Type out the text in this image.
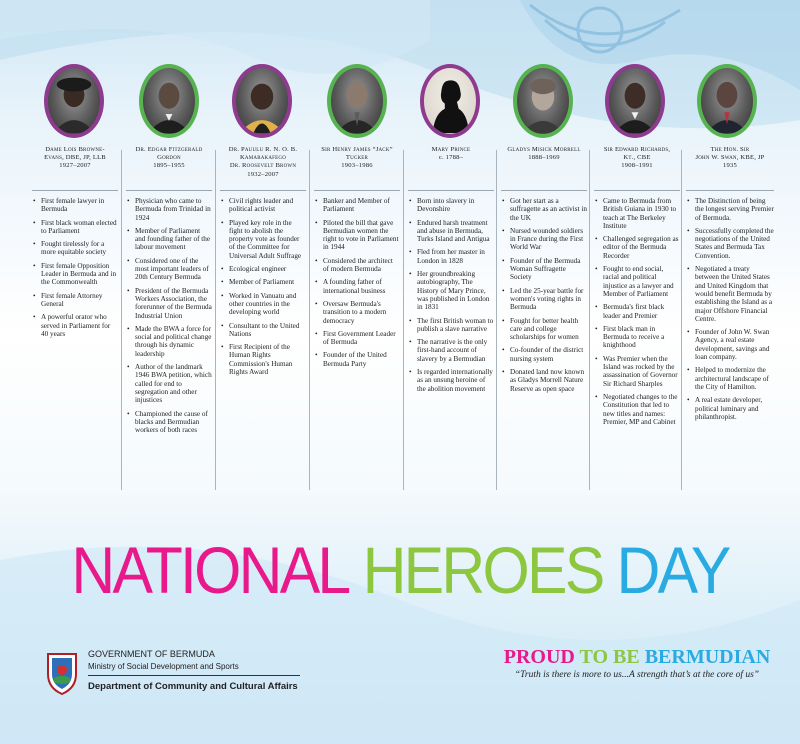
Dame Lois Browne-
Evans, DBE, JP, LLB
1927–2007
• First female lawyer in Bermuda
• First black woman elected to Parliament
• Fought tirelessly for a more equitable society
• First female Opposition Leader in Bermuda and in the Commonwealth
• First female Attorney General
• A powerful orator who served in Parliament for 40 years
Dr. Edgar Fitzgerald
Gordon
1895–1955
• Physician who came to Bermuda from Trinidad in 1924
• Member of Parliament and founding father of the labour movement
• Considered one of the most important leaders of 20th Century Bermuda
• President of the Bermuda Workers Association, the forerunner of the Bermuda Industrial Union
• Made the BWA a force for social and political change through his dynamic leadership
• Author of the landmark 1946 BWA petition, which called for end to segregation and other injustices
• Championed the cause of blacks and Bermudian workers of both races
Dr. Pauulu R. N. O. B.
Kamarakafego
Dr. Roosevelt Brown
1932–2007
• Civil rights leader and political activist
• Played key role in the fight to abolish the property vote as founder of the Committee for Universal Adult Suffrage
• Ecological engineer
• Member of Parliament
• Worked in Vanuatu and other countries in the developing world
• Consultant to the United Nations
• First Recipient of the Human Rights Commission's Human Rights Award
Sir Henry James “Jack”
Tucker
1903–1986
• Banker and Member of Parliament
• Piloted the bill that gave Bermudian women the right to vote in Parliament in 1944
• Considered the architect of modern Bermuda
• A founding father of international business
• Oversaw Bermuda's transition to a modern democracy
• First Government Leader of Bermuda
• Founder of the United Bermuda Party
Mary Prince
c. 1788–
• Born into slavery in Devonshire
• Endured harsh treatment and abuse in Bermuda, Turks Island and Antigua
• Fled from her master in London in 1828
• Her groundbreaking autobiography, The History of Mary Prince, was published in London in 1831
• The first British woman to publish a slave narrative
• The narrative is the only first-hand account of slavery by a Bermudian
• Is regarded internationally as an unsung heroine of the abolition movement
Gladys Misick Morrell
1888–1969
• Got her start as a suffragette as an activist in the UK
• Nursed wounded soldiers in France during the First World War
• Founder of the Bermuda Woman Suffragette Society
• Led the 25-year battle for women's voting rights in Bermuda
• Fought for better health care and college scholarships for women
• Co-founder of the district nursing system
• Donated land now known as Gladys Morrell Nature Reserve as open space
Sir Edward Richards,
Kt., CBE
1908–1991
• Came to Bermuda from British Guiana in 1930 to teach at The Berkeley Institute
• Challenged segregation as editor of the Bermuda Recorder
• Fought to end social, racial and political injustice as a lawyer and Member of Parliament
• Bermuda's first black leader and Premier
• First black man in Bermuda to receive a knighthood
• Was Premier when the Island was rocked by the assassination of Governor Sir Richard Sharples
• Negotiated changes to the Constitution that led to new titles and names: Premier, MP and Cabinet
The Hon. Sir
John W. Swan, KBE, JP
1935
• The Distinction of being the longest serving Premier of Bermuda.
• Successfully completed the negotiations of the United States and Bermuda Tax Convention.
• Negotiated a treaty between the United States and United Kingdom that would benefit Bermuda by establishing the Island as a major Offshore Financial Centre.
• Founder of John W. Swan Agency, a real estate development, savings and loan company.
• Helped to modernize the architectural landscape of the City of Hamilton.
• A real estate developer, political luminary and philanthropist.
NATIONAL HEROES DAY
GOVERNMENT OF BERMUDA
Ministry of Social Development and Sports
Department of Community and Cultural Affairs
PROUD TO BE BERMUDIAN
“Truth is there is more to us...A strength that’s at the core of us”
